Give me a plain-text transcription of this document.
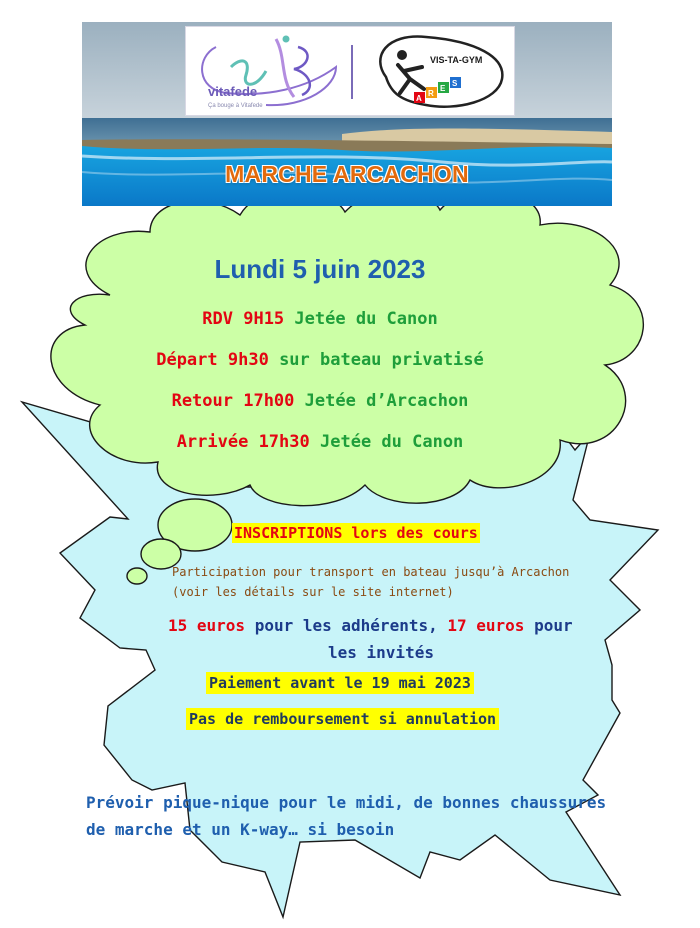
vitafede
Ça bouge à Vitafede
VIS-TA-GYM
A
R
E
S
MARCHE ARCACHON
Lundi 5 juin 2023
RDV 9H15 Jetée du Canon
Départ 9h30 sur bateau privatisé
Retour 17h00 Jetée d’Arcachon
Arrivée 17h30 Jetée du Canon
INSCRIPTIONS lors des cours
Participation pour transport en bateau jusqu’à Arcachon
(voir les détails sur le site internet)
15 euros pour les adhérents, 17 euros pour
les invités
Paiement avant le 19 mai 2023
Pas de remboursement si annulation
Prévoir pique-nique pour le midi, de bonnes chaussures
de marche et un K-way… si besoin
